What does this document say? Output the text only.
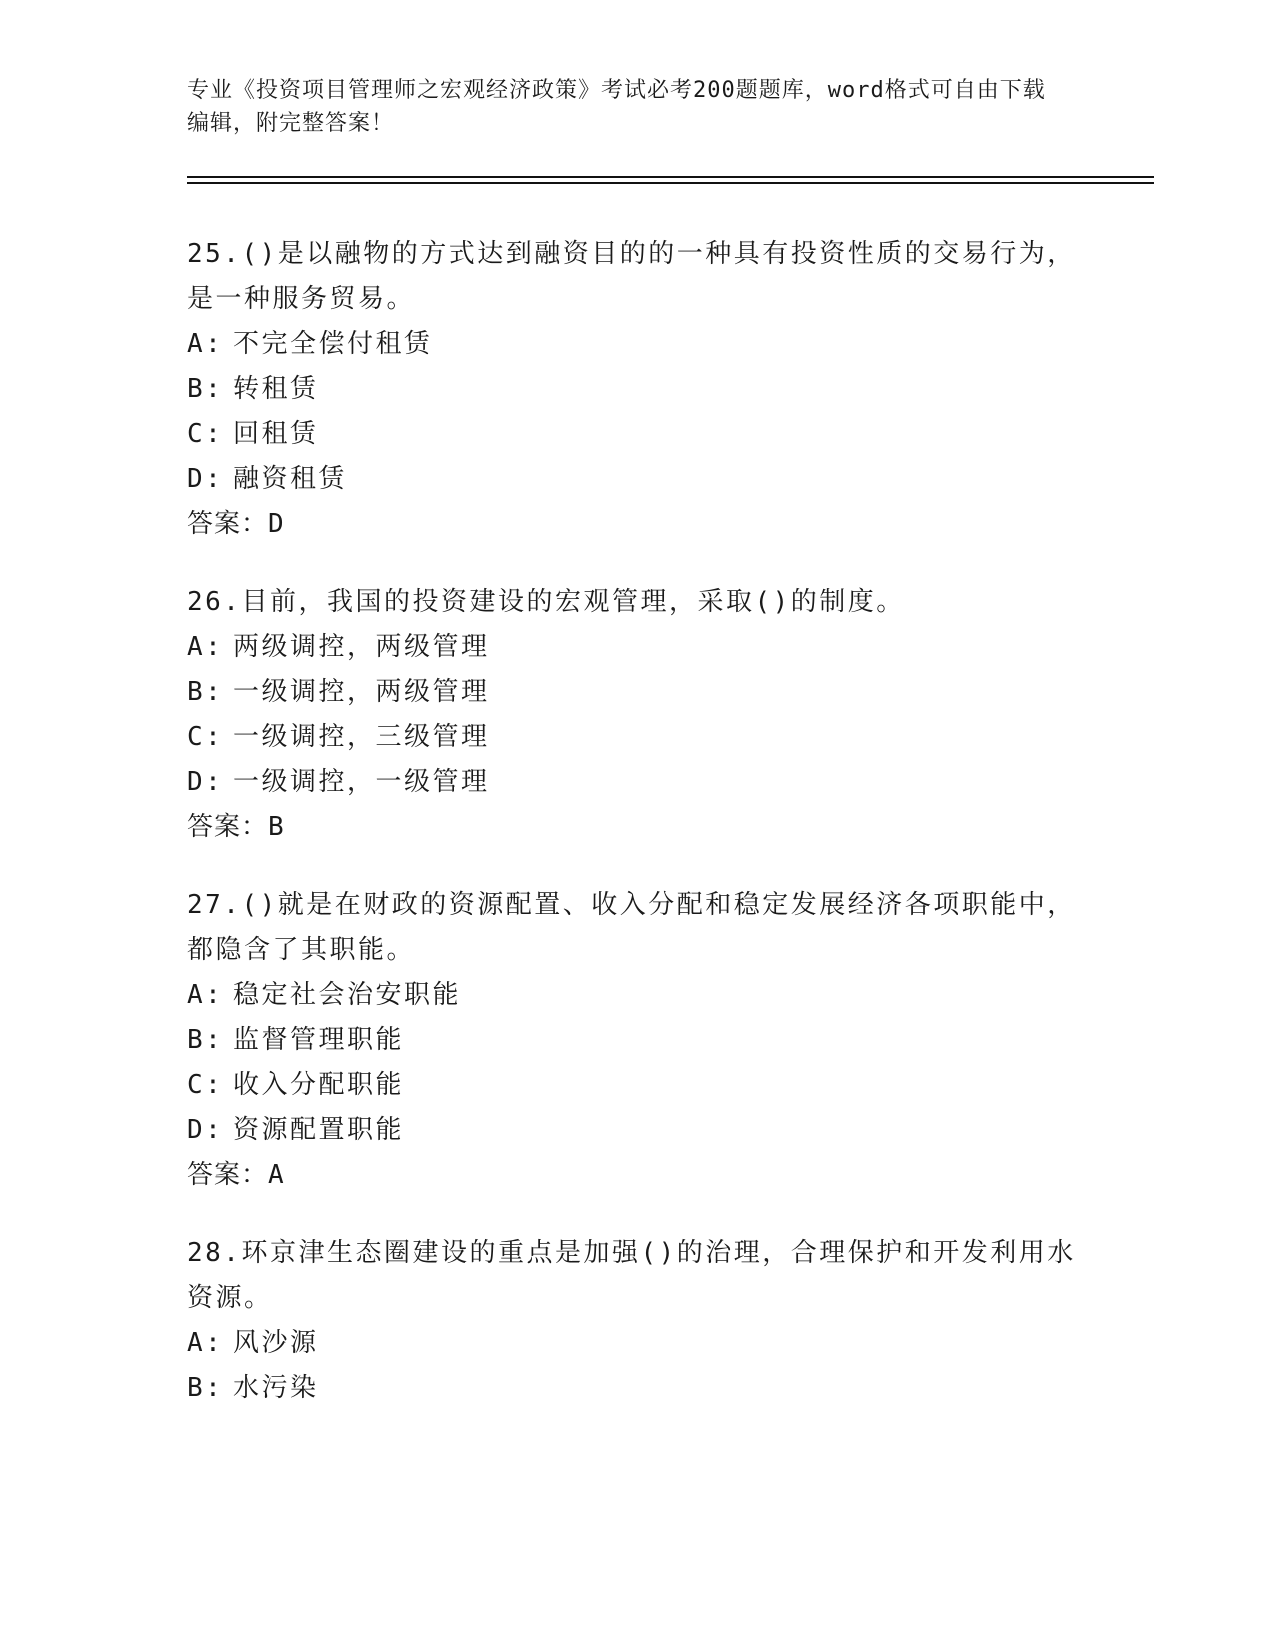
专业《投资项目管理师之宏观经济政策》考试必考200题题库，word格式可自由下载编辑，附完整答案！

25.()是以融物的方式达到融资目的的一种具有投资性质的交易行为，是一种服务贸易。

A: 不完全偿付租赁
B: 转租赁
C: 回租赁
D: 融资租赁
答案：D

26.目前，我国的投资建设的宏观管理，采取()的制度。

A: 两级调控，两级管理
B: 一级调控，两级管理
C: 一级调控，三级管理
D: 一级调控，一级管理
答案：B

27.()就是在财政的资源配置、收入分配和稳定发展经济各项职能中，都隐含了其职能。

A: 稳定社会治安职能
B: 监督管理职能
C: 收入分配职能
D: 资源配置职能
答案：A

28.环京津生态圈建设的重点是加强()的治理，合理保护和开发利用水资源。

A: 风沙源
B: 水污染
